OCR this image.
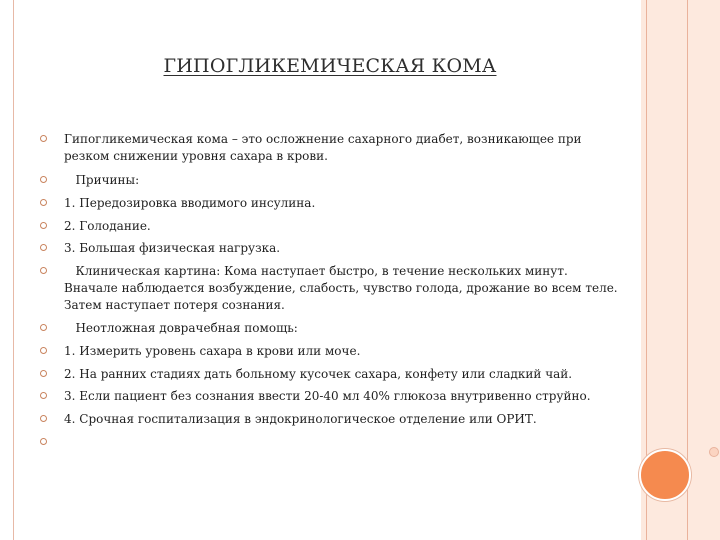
ГИПОГЛИКЕМИЧЕСКАЯ КОМА
Гипогликемическая кома – это осложнение сахарного диабет, возникающее при
резком снижении уровня сахара в крови.
Причины:
1. Передозировка вводимого инсулина.
2. Голодание.
3. Большая физическая нагрузка.
Клиническая картина: Кома наступает быстро, в течение нескольких минут.
Вначале наблюдается возбуждение, слабость, чувство голода, дрожание во всем теле.
Затем наступает потеря сознания.
Неотложная доврачебная помощь:
1. Измерить уровень сахара в крови или моче.
2. На ранних стадиях дать больному кусочек сахара, конфету или сладкий чай.
3. Если пациент без сознания ввести 20-40 мл 40% глюкоза внутривенно струйно.
4. Срочная госпитализация в эндокринологическое отделение или ОРИТ.
